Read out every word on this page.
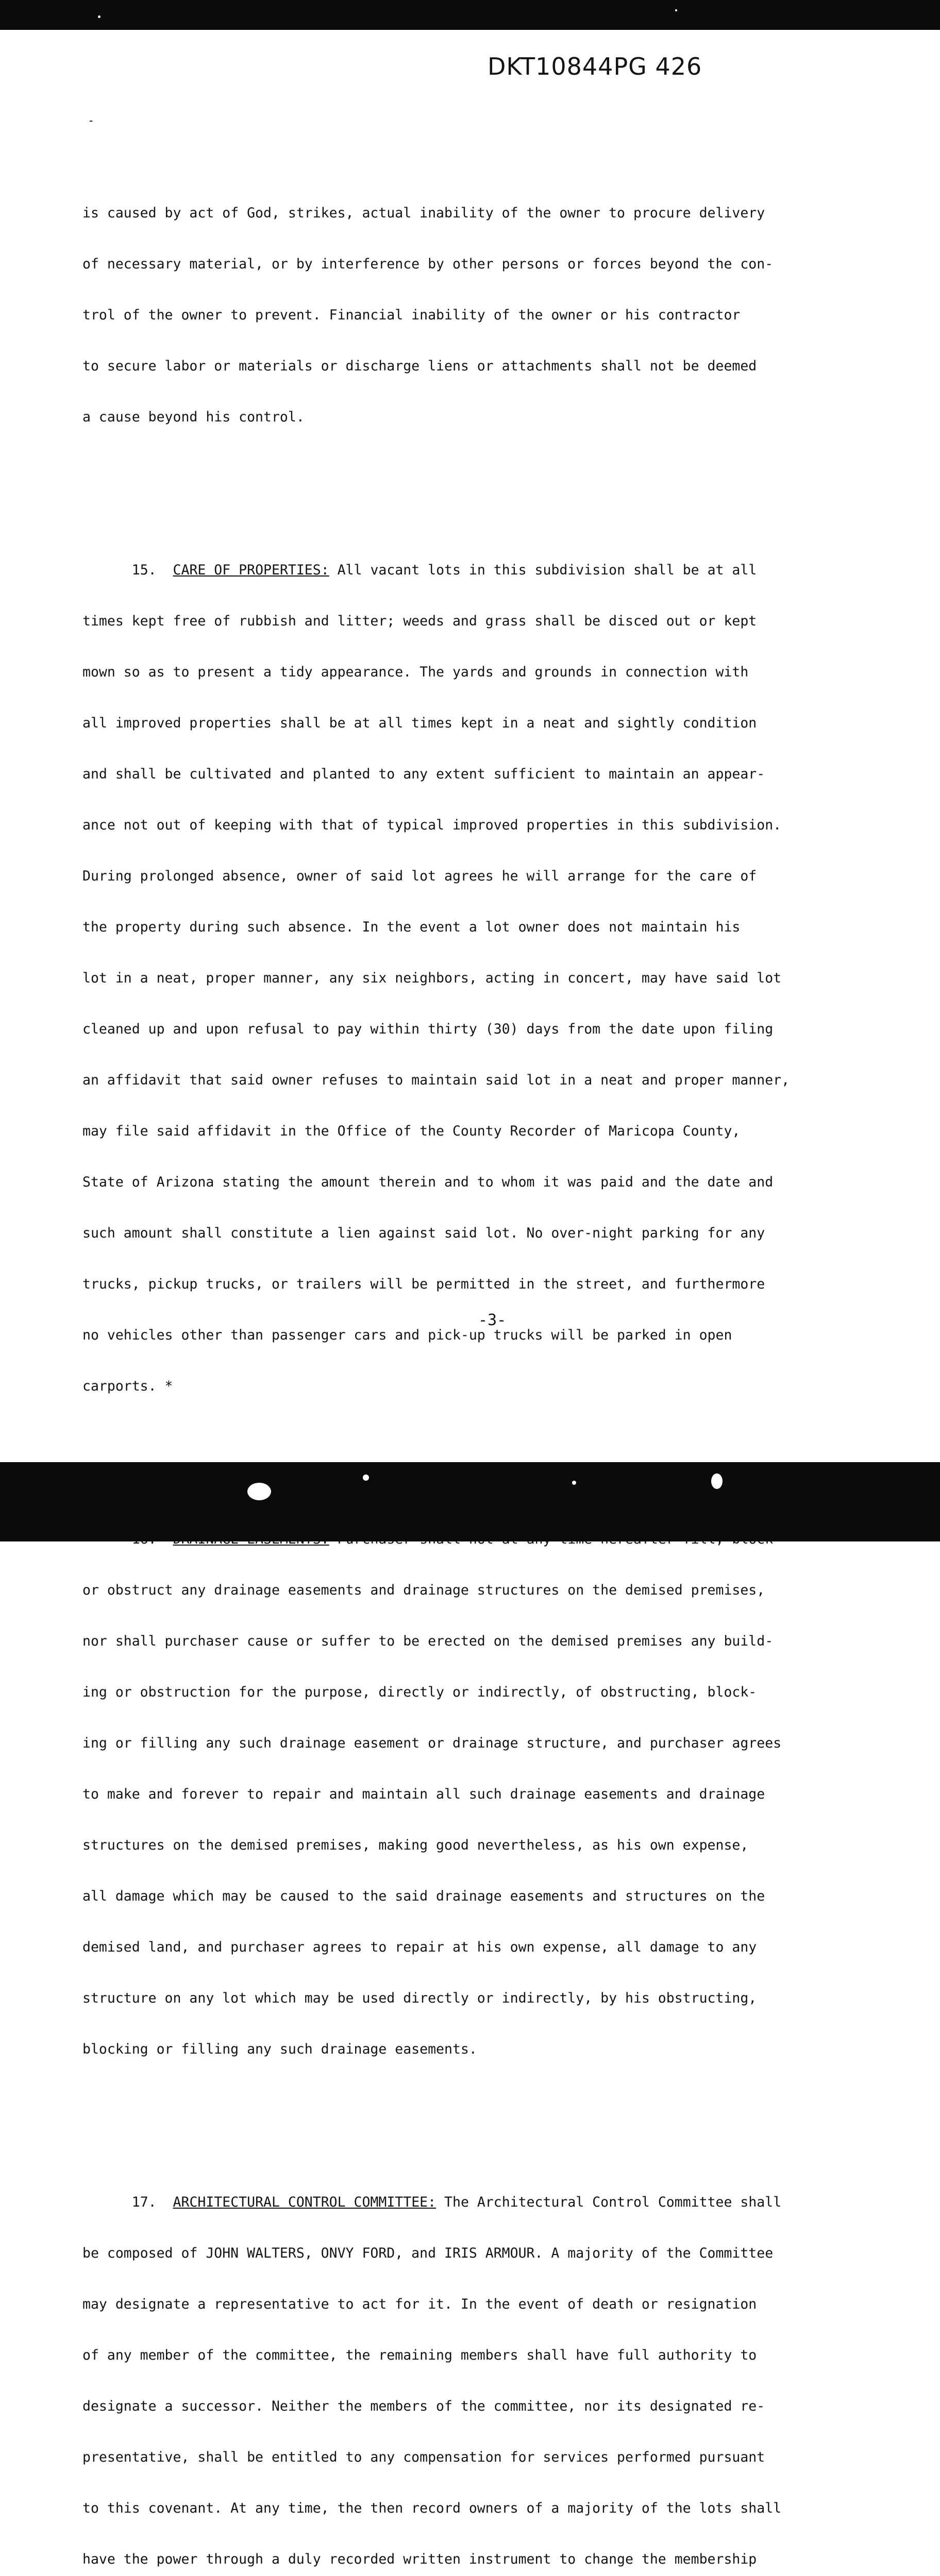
DKT10844PG 426
-

is caused by act of God, strikes, actual inability of the owner to procure delivery

of necessary material, or by interference by other persons or forces beyond the con-

trol of the owner to prevent. Financial inability of the owner or his contractor

to secure labor or materials or discharge liens or attachments shall not be deemed

a cause beyond his control.

15. CARE OF PROPERTIES: All vacant lots in this subdivision shall be at all

times kept free of rubbish and litter; weeds and grass shall be disced out or kept

mown so as to present a tidy appearance. The yards and grounds in connection with

all improved properties shall be at all times kept in a neat and sightly condition

and shall be cultivated and planted to any extent sufficient to maintain an appear-

ance not out of keeping with that of typical improved properties in this subdivision.

During prolonged absence, owner of said lot agrees he will arrange for the care of

the property during such absence. In the event a lot owner does not maintain his

lot in a neat, proper manner, any six neighbors, acting in concert, may have said lot

cleaned up and upon refusal to pay within thirty (30) days from the date upon filing

an affidavit that said owner refuses to maintain said lot in a neat and proper manner,

may file said affidavit in the Office of the County Recorder of Maricopa County,

State of Arizona stating the amount therein and to whom it was paid and the date and

such amount shall constitute a lien against said lot. No over-night parking for any

trucks, pickup trucks, or trailers will be permitted in the street, and furthermore

no vehicles other than passenger cars and pick-up trucks will be parked in open

carports. *

or obstruct any drainage easements and drainage structures on the demised premises,

nor shall purchaser cause or suffer to be erected on the demised premises any build-

ing or obstruction for the purpose, directly or indirectly, of obstructing, block-

ing or filling any such drainage easement or drainage structure, and purchaser agrees

to make and forever to repair and maintain all such drainage easements and drainage

structures on the demised premises, making good nevertheless, as his own expense,

all damage which may be caused to the said drainage easements and structures on the

demised land, and purchaser agrees to repair at his own expense, all damage to any

structure on any lot which may be used directly or indirectly, by his obstructing,

blocking or filling any such drainage easements.

17. ARCHITECTURAL CONTROL COMMITTEE: The Architectural Control Committee shall

be composed of JOHN WALTERS, ONVY FORD, and IRIS ARMOUR. A majority of the Committee

may designate a representative to act for it. In the event of death or resignation

of any member of the committee, the remaining members shall have full authority to

designate a successor. Neither the members of the committee, nor its designated re-

presentative, shall be entitled to any compensation for services performed pursuant

to this covenant. At any time, the then record owners of a majority of the lots shall

have the power through a duly recorded written instrument to change the membership

-3-
